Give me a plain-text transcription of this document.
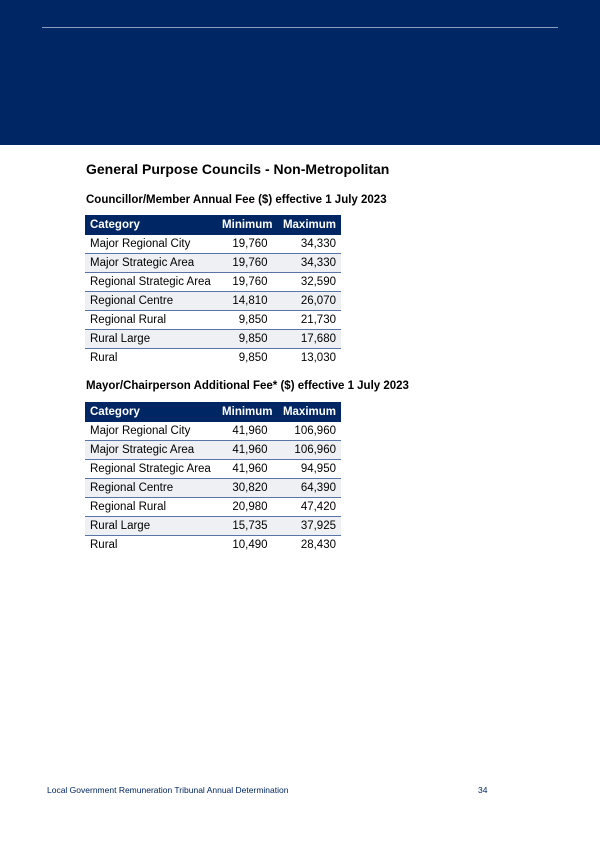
General Purpose Councils - Non-Metropolitan
Councillor/Member Annual Fee ($) effective 1 July 2023
Category	Minimum	Maximum
Major Regional City	19,760	34,330
Major Strategic Area	19,760	34,330
Regional Strategic Area	19,760	32,590
Regional Centre	14,810	26,070
Regional Rural	9,850	21,730
Rural Large	9,850	17,680
Rural	9,850	13,030
Mayor/Chairperson Additional Fee* ($) effective 1 July 2023
Category	Minimum	Maximum
Major Regional City	41,960	106,960
Major Strategic Area	41,960	106,960
Regional Strategic Area	41,960	94,950
Regional Centre	30,820	64,390
Regional Rural	20,980	47,420
Rural Large	15,735	37,925
Rural	10,490	28,430
Local Government Remuneration Tribunal Annual Determination	34
